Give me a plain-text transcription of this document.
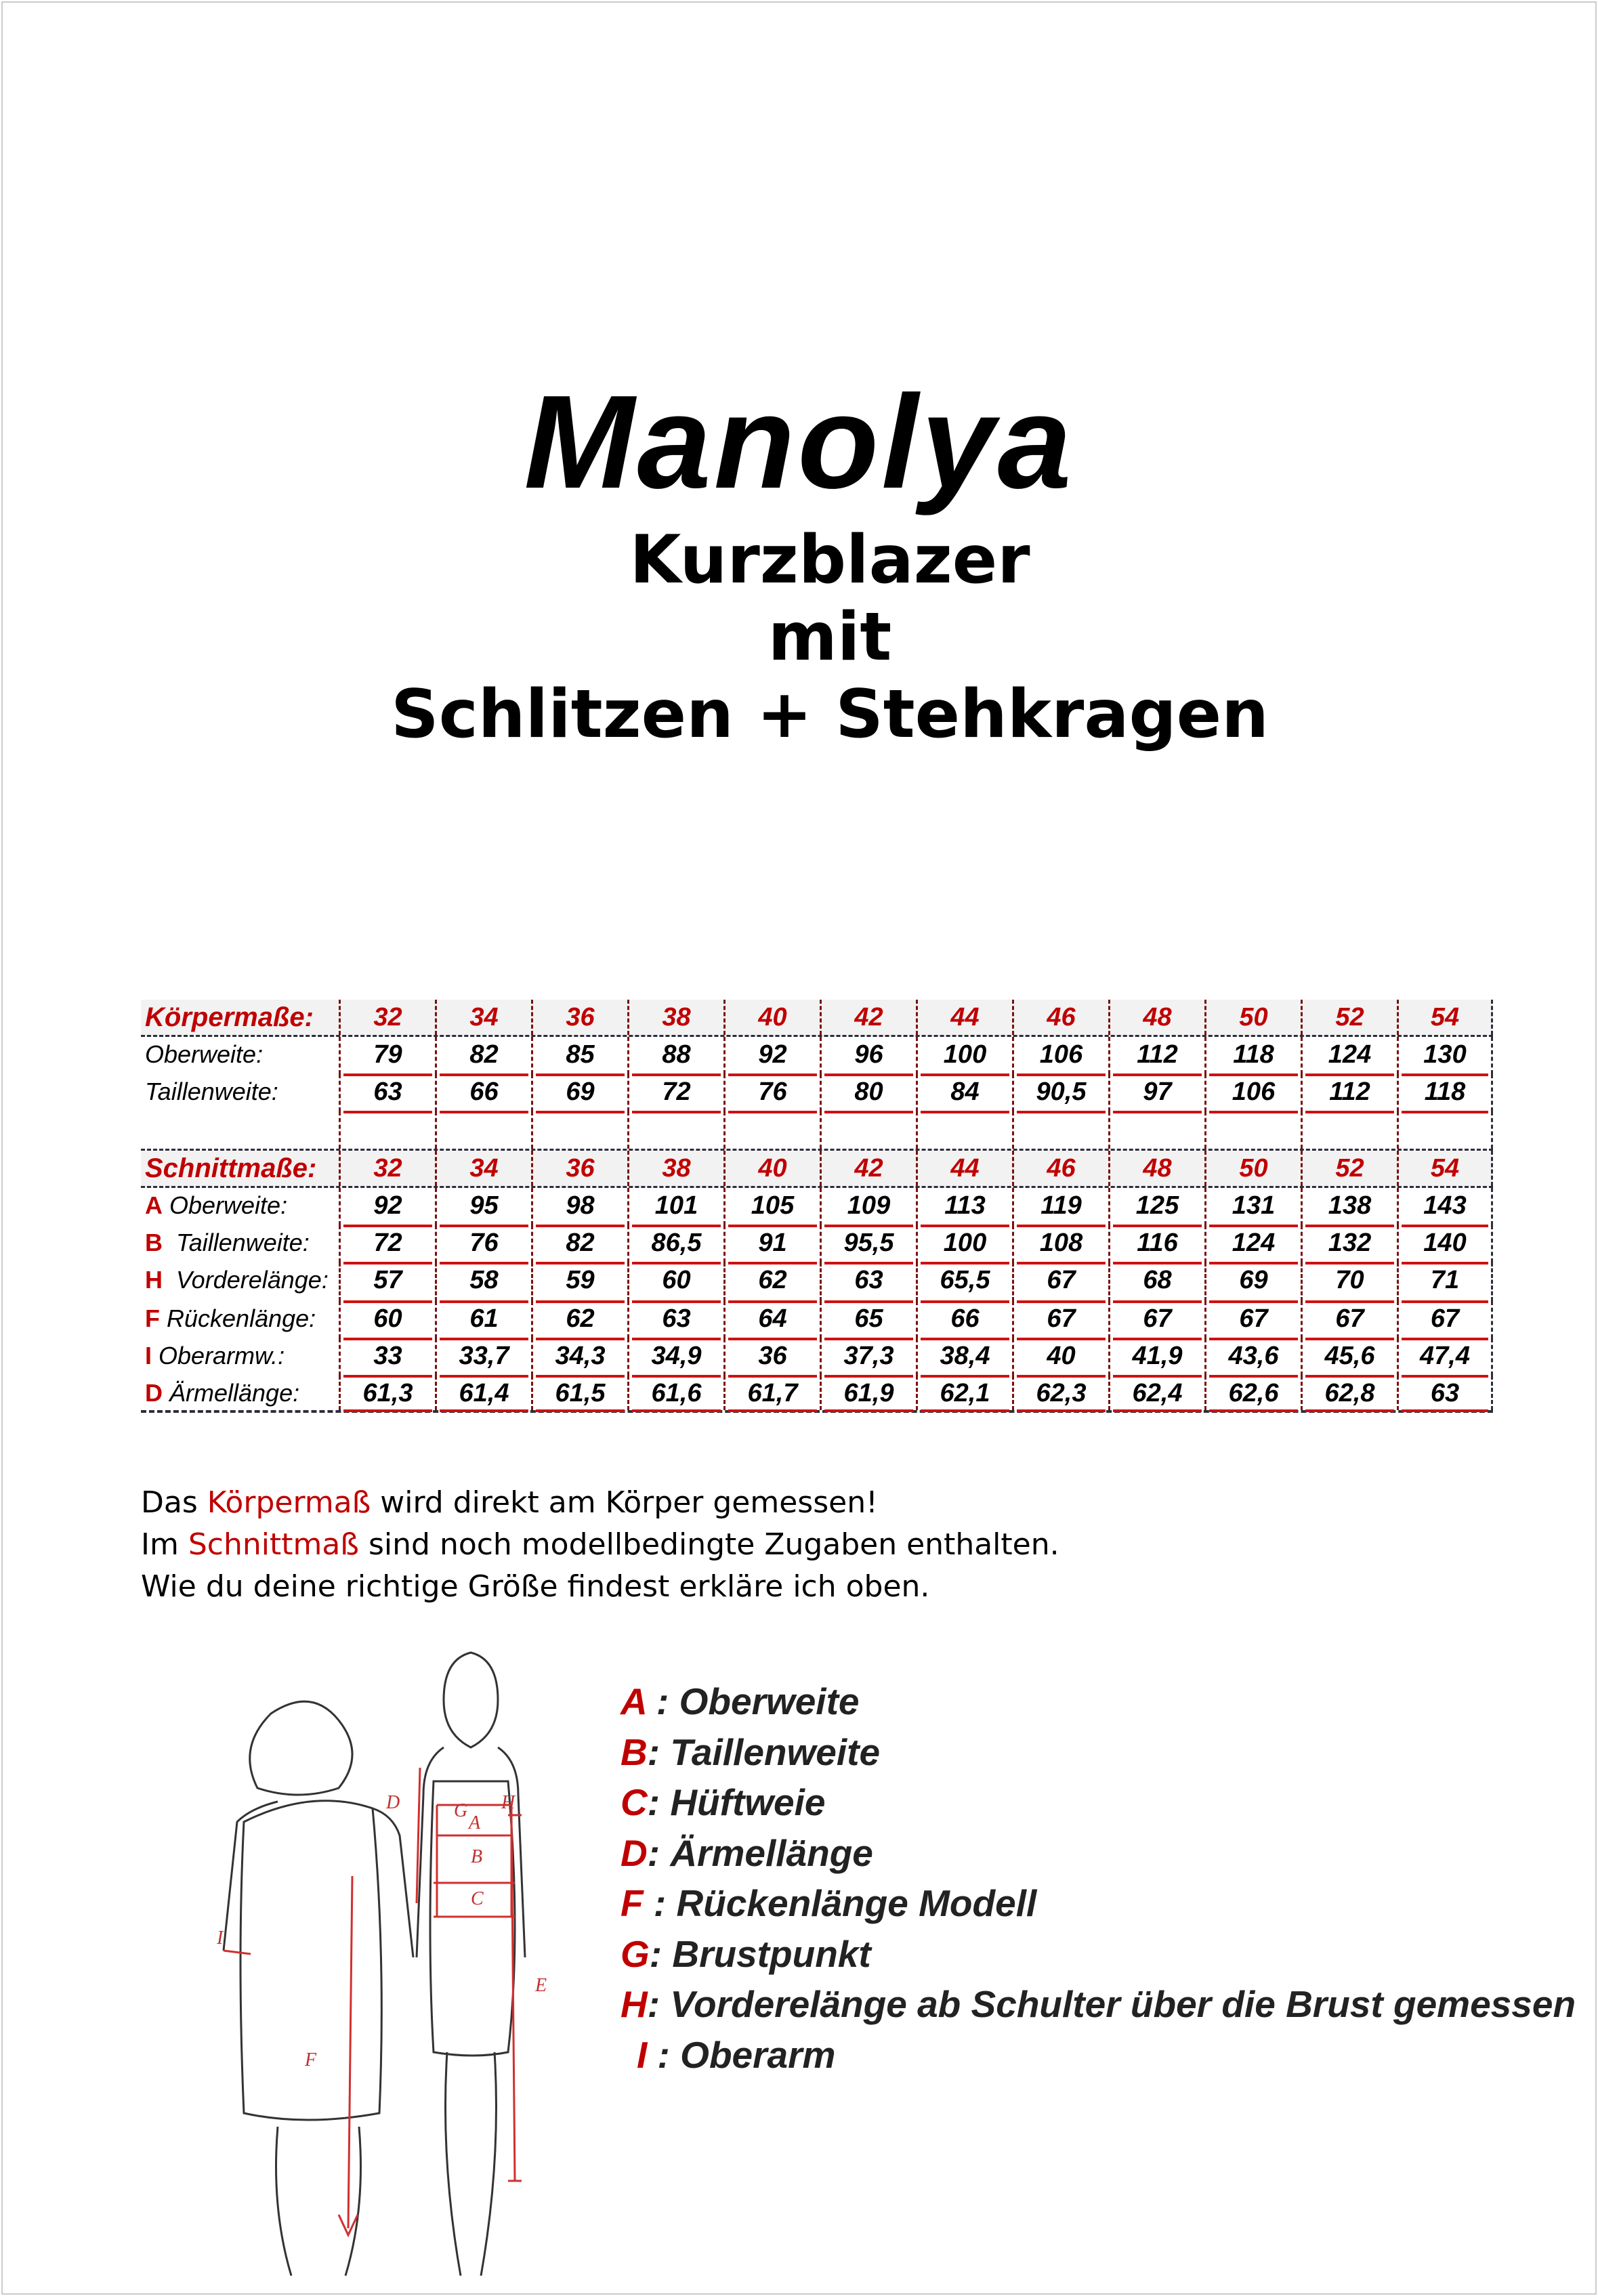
Manolya
Kurzblazer
mit
Schlitzen + Stehkragen
Körpermaße:	32	34	36	38	40	42	44	46	48	50	52	54
Oberweite:	79	82	85	88	92	96	100	106	112	118	124	130
Taillenweite:	63	66	69	72	76	80	84	90,5	97	106	112	118
Schnittmaße:	32	34	36	38	40	42	44	46	48	50	52	54
A Oberweite:	92	95	98	101	105	109	113	119	125	131	138	143
B  Taillenweite:	72	76	82	86,5	91	95,5	100	108	116	124	132	140
H  Vorderelänge:	57	58	59	60	62	63	65,5	67	68	69	70	71
F Rückenlänge:	60	61	62	63	64	65	66	67	67	67	67	67
I Oberarmw.:	33	33,7	34,3	34,9	36	37,3	38,4	40	41,9	43,6	45,6	47,4
D Ärmellänge:	61,3	61,4	61,5	61,6	61,7	61,9	62,1	62,3	62,4	62,6	62,8	63
Das Körpermaß wird direkt am Körper gemessen!
Im Schnittmaß sind noch modellbedingte Zugaben enthalten.
Wie du deine richtige Größe findest erkläre ich oben.
A
B
C
D
E
F
G H
I
A : Oberweite
B: Taillenweite
C: Hüftweie
D: Ärmellänge
F : Rückenlänge Modell
G: Brustpunkt
H: Vorderelänge ab Schulter über die Brust gemessen
I : Oberarm
